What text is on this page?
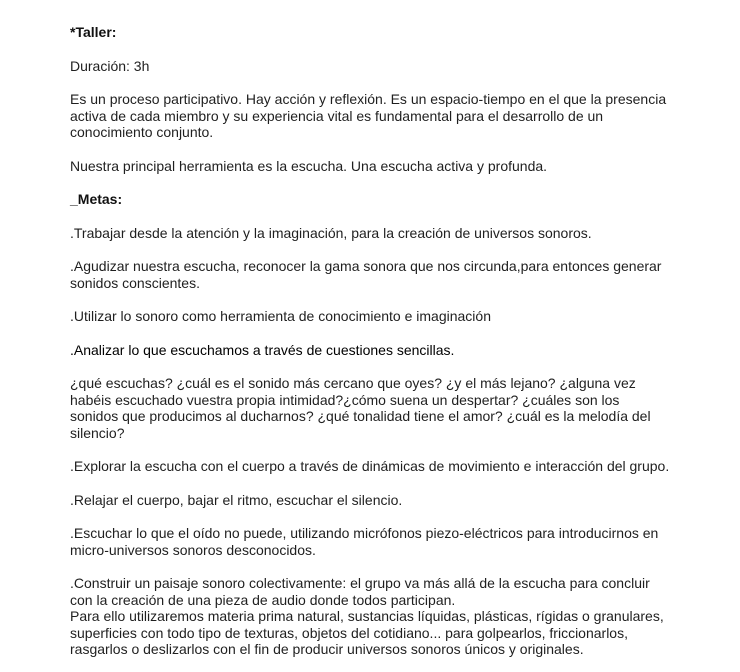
*Taller:

Duración: 3h

Es un proceso participativo. Hay acción y reflexión. Es un espacio-tiempo en el que la presencia activa de cada miembro y su experiencia vital es fundamental para el desarrollo de un conocimiento conjunto.

Nuestra principal herramienta es la escucha. Una escucha activa y profunda.

_Metas:

.Trabajar desde la atención y la imaginación, para la creación de universos sonoros.

.Agudizar nuestra escucha, reconocer la gama sonora que nos circunda,para entonces generar sonidos conscientes.

.Utilizar lo sonoro como herramienta de conocimiento e imaginación

.Analizar lo que escuchamos a través de cuestiones sencillas.

¿qué escuchas? ¿cuál es el sonido más cercano que oyes? ¿y el más lejano? ¿alguna vez habéis escuchado vuestra propia intimidad?¿cómo suena un despertar? ¿cuáles son los sonidos que producimos al ducharnos? ¿qué tonalidad tiene el amor? ¿cuál es la melodía del silencio?

.Explorar la escucha con el cuerpo a través de dinámicas de movimiento e interacción del grupo.

.Relajar el cuerpo, bajar el ritmo, escuchar el silencio.

.Escuchar lo que el oído no puede, utilizando micrófonos piezo-eléctricos para introducirnos en micro-universos sonoros desconocidos.

.Construir un paisaje sonoro colectivamente: el grupo va más allá de la escucha para concluir con la creación de una pieza de audio donde todos participan.

Para ello utilizaremos materia prima natural, sustancias líquidas, plásticas, rígidas o granulares, superficies con todo tipo de texturas, objetos del cotidiano... para golpearlos, friccionarlos, rasgarlos o deslizarlos con el fin de producir universos sonoros únicos y originales.
